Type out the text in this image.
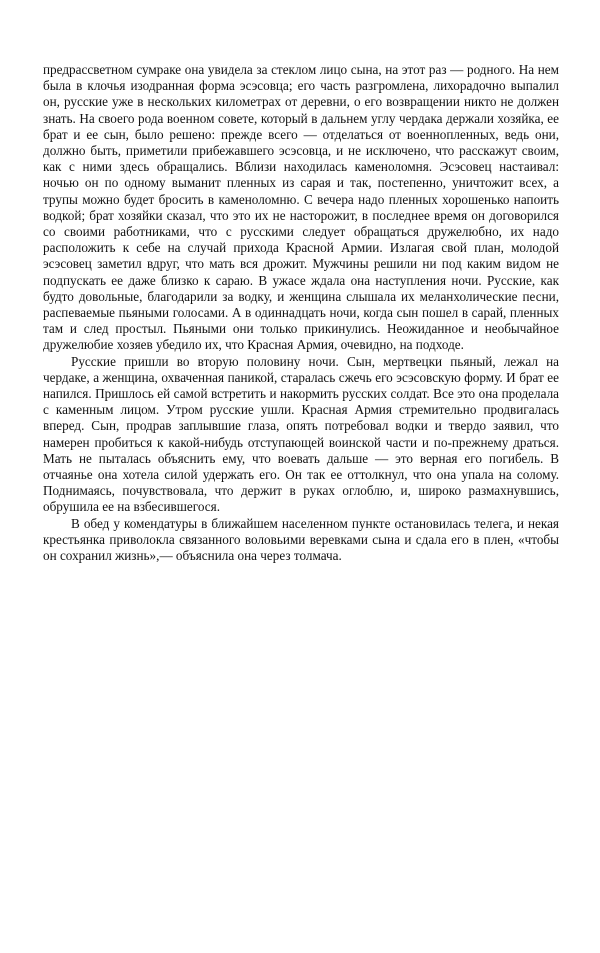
предрассветном сумраке она увидела за стеклом лицо сына, на этот раз — родного. На нем была в клочья изодранная форма эсэсовца; его часть разгромлена, лихорадочно выпалил он, русские уже в нескольких километрах от деревни, о его возвращении никто не должен знать. На своего рода военном совете, который в дальнем углу чердака держали хозяйка, ее брат и ее сын, было решено: прежде всего — отделаться от военнопленных, ведь они, должно быть, приметили прибежавшего эсэсовца, и не исключено, что расскажут своим, как с ними здесь обращались. Вблизи находилась каменоломня. Эсэсовец настаивал: ночью он по одному выманит пленных из сарая и так, постепенно, уничтожит всех, а трупы можно будет бросить в каменоломню. С вечера надо пленных хорошенько напоить водкой; брат хозяйки сказал, что это их не насторожит, в последнее время он договорился со своими работниками, что с русскими следует обращаться дружелюбно, их надо расположить к себе на случай прихода Красной Армии. Излагая свой план, молодой эсэсовец заметил вдруг, что мать вся дрожит. Мужчины решили ни под каким видом не подпускать ее даже близко к сараю. В ужасе ждала она наступления ночи. Русские, как будто довольные, благодарили за водку, и женщина слышала их меланхолические песни, распеваемые пьяными голосами. А в одиннадцать ночи, когда сын пошел в сарай, пленных там и след простыл. Пьяными они только прикинулись. Неожиданное и необычайное дружелюбие хозяев убедило их, что Красная Армия, очевидно, на подходе.

Русские пришли во вторую половину ночи. Сын, мертвецки пьяный, лежал на чердаке, а женщина, охваченная паникой, старалась сжечь его эсэсовскую форму. И брат ее напился. Пришлось ей самой встретить и накормить русских солдат. Все это она проделала с каменным лицом. Утром русские ушли. Красная Армия стремительно продвигалась вперед. Сын, продрав заплывшие глаза, опять потребовал водки и твердо заявил, что намерен пробиться к какой-нибудь отступающей воинской части и по-прежнему драться. Мать не пыталась объяснить ему, что воевать дальше — это верная его погибель. В отчаянье она хотела силой удержать его. Он так ее оттолкнул, что она упала на солому. Поднимаясь, почувствовала, что держит в руках оглоблю, и, широко размахнувшись, обрушила ее на взбесившегося.

В обед у комендатуры в ближайшем населенном пункте остановилась телега, и некая крестьянка приволокла связанного воловьими веревками сына и сдала его в плен, «чтобы он сохранил жизнь»,— объяснила она через толмача.
